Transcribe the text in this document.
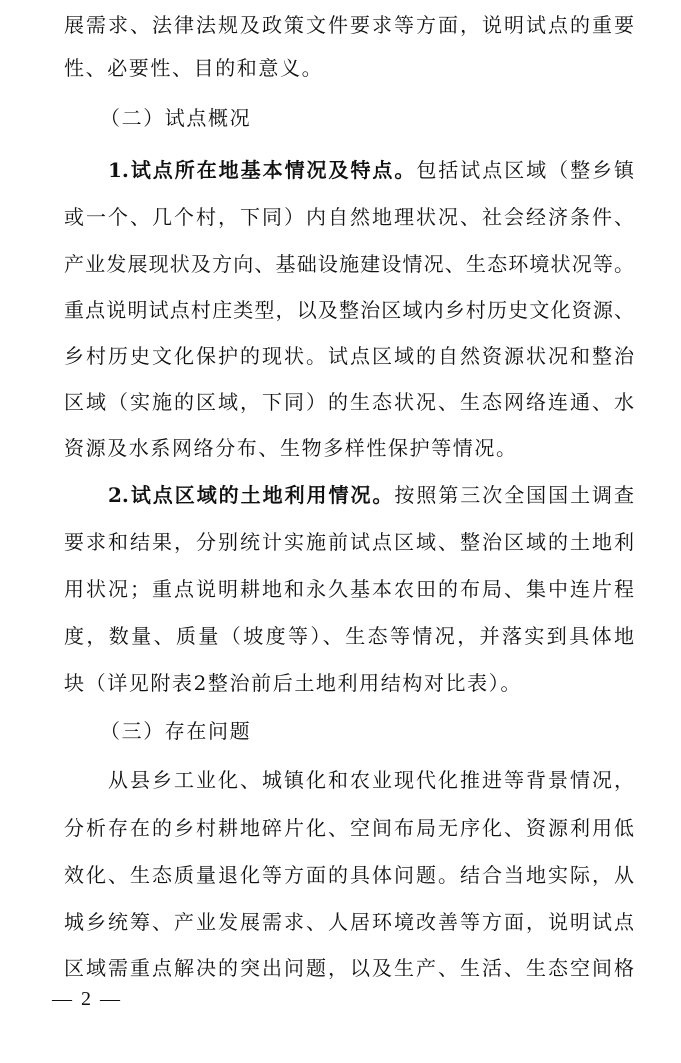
展需求、法律法规及政策文件要求等方面，说明试点的重要
性、必要性、目的和意义。
（二）试点概况
1.试点所在地基本情况及特点。包括试点区域（整乡镇
或一个、几个村，下同）内自然地理状况、社会经济条件、
产业发展现状及方向、基础设施建设情况、生态环境状况等。
重点说明试点村庄类型，以及整治区域内乡村历史文化资源、
乡村历史文化保护的现状。试点区域的自然资源状况和整治
区域（实施的区域，下同）的生态状况、生态网络连通、水
资源及水系网络分布、生物多样性保护等情况。
2.试点区域的土地利用情况。按照第三次全国国土调查
要求和结果，分别统计实施前试点区域、整治区域的土地利
用状况；重点说明耕地和永久基本农田的布局、集中连片程
度，数量、质量（坡度等）、生态等情况，并落实到具体地
块（详见附表2整治前后土地利用结构对比表）。
（三）存在问题
从县乡工业化、城镇化和农业现代化推进等背景情况，
分析存在的乡村耕地碎片化、空间布局无序化、资源利用低
效化、生态质量退化等方面的具体问题。结合当地实际，从
城乡统筹、产业发展需求、人居环境改善等方面，说明试点
区域需重点解决的突出问题，以及生产、生活、生态空间格
— 2 —
